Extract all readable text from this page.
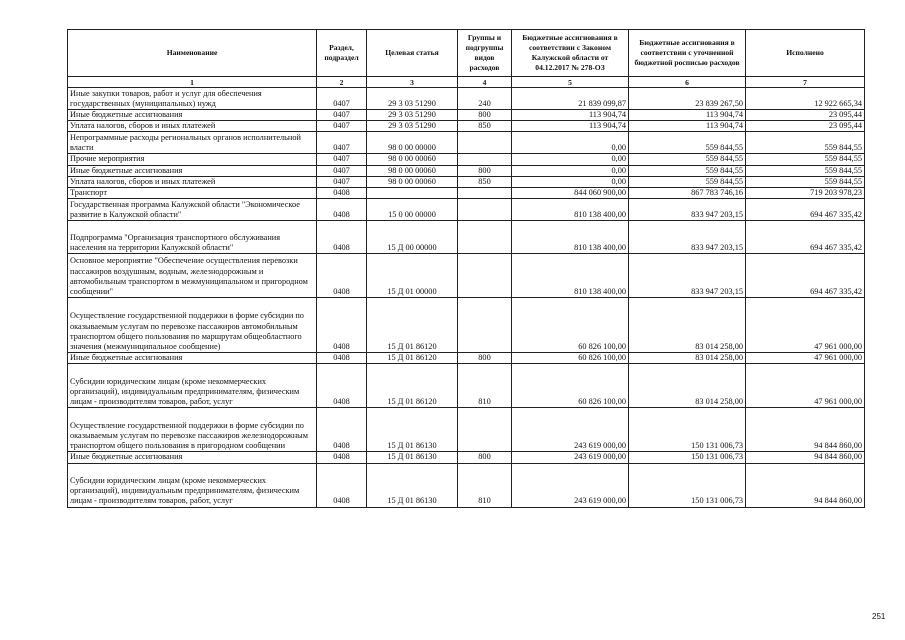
Наименование	Раздел, подраздел	Целевая статья	Группы и подгруппы видов расходов	Бюджетные ассигнования в соответствии с Законом Калужской области от 04.12.2017 № 278-ОЗ	Бюджетные ассигнования в соответствии с уточненной бюджетной росписью расходов	Исполнено
1	2	3	4	5	6	7
Иные закупки товаров, работ и услуг для обеспечения государственных (муниципальных) нужд	0407	29 3 03 51290	240	21 839 099,87	23 839 267,50	12 922 665,34
Иные бюджетные ассигнования	0407	29 3 03 51290	800	113 904,74	113 904,74	23 095,44
Уплата налогов, сборов и иных платежей	0407	29 3 03 51290	850	113 904,74	113 904,74	23 095,44
Непрограммные расходы региональных органов исполнительной власти	0407	98 0 00 00000		0,00	559 844,55	559 844,55
Прочие мероприятия	0407	98 0 00 00060		0,00	559 844,55	559 844,55
Иные бюджетные ассигнования	0407	98 0 00 00060	800	0,00	559 844,55	559 844,55
Уплата налогов, сборов и иных платежей	0407	98 0 00 00060	850	0,00	559 844,55	559 844,55
Транспорт	0408			844 060 900,00	867 783 746,16	719 203 978,23
Государственная программа Калужской области "Экономическое развитие в Калужской области"	0408	15 0 00 00000		810 138 400,00	833 947 203,15	694 467 335,42
Подпрограмма "Организация транспортного обслуживания населения на территории Калужской области"	0408	15 Д 00 00000		810 138 400,00	833 947 203,15	694 467 335,42
Основное мероприятие "Обеспечение осуществления перевозки пассажиров воздушным, водным, железнодорожным и автомобильным транспортом в межмуниципальном и пригородном сообщении"	0408	15 Д 01 00000		810 138 400,00	833 947 203,15	694 467 335,42
Осуществление государственной поддержки в форме субсидии по оказываемым услугам по перевозке пассажиров автомобильным транспортом общего пользования по маршрутам общеобластного значения (межмуниципальное сообщение)	0408	15 Д 01 86120		60 826 100,00	83 014 258,00	47 961 000,00
Иные бюджетные ассигнования	0408	15 Д 01 86120	800	60 826 100,00	83 014 258,00	47 961 000,00
Субсидии юридическим лицам (кроме некоммерческих организаций), индивидуальным предпринимателям, физическим лицам - производителям товаров, работ, услуг	0408	15 Д 01 86120	810	60 826 100,00	83 014 258,00	47 961 000,00
Осуществление государственной поддержки в форме субсидии по оказываемым услугам по перевозке пассажиров железнодорожным транспортом общего пользования в пригородном сообщении	0408	15 Д 01 86130		243 619 000,00	150 131 006,73	94 844 860,00
Иные бюджетные ассигнования	0408	15 Д 01 86130	800	243 619 000,00	150 131 006,73	94 844 860,00
Субсидии юридическим лицам (кроме некоммерческих организаций), индивидуальным предпринимателям, физическим лицам - производителям товаров, работ, услуг	0408	15 Д 01 86130	810	243 619 000,00	150 131 006,73	94 844 860,00
251
